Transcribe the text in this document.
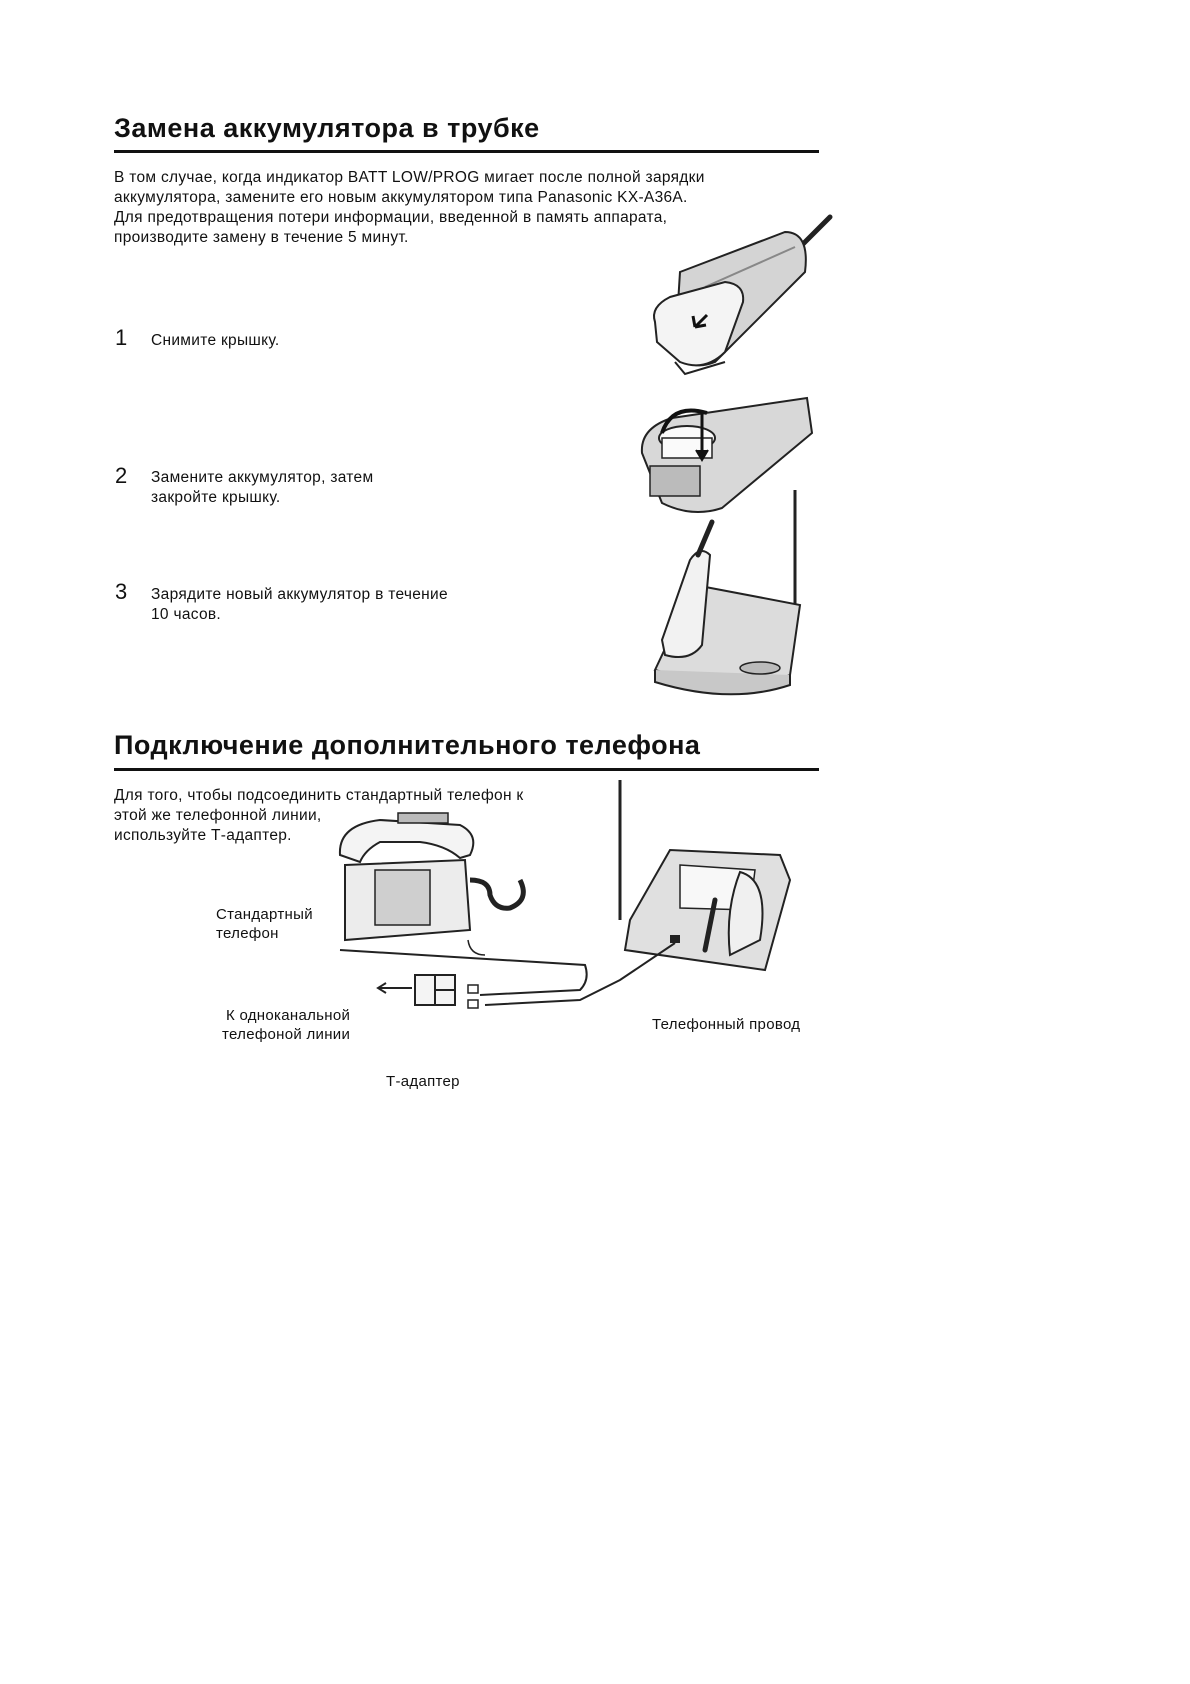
Замена аккумулятора в трубке
В том случае, когда индикатор BATT LOW/PROG мигает после полной зарядки
аккумулятора, замените его новым аккумулятором типа Panasonic KX-A36A.
Для предотвращения потери информации, введенной в память аппарата,
производите замену в течение 5 минут.
1 Снимите крышку.
2 Замените аккумулятор, затем
закройте крышку.
3 Зарядите новый аккумулятор в течение
10 часов.
Подключение дополнительного телефона
Для того, чтобы подсоединить стандартный телефон к
этой же телефонной линии,
используйте Т-адаптер.
Стандартный
телефон
К одноканальной
телефоной линии
Телефонный провод
Т-адаптер
